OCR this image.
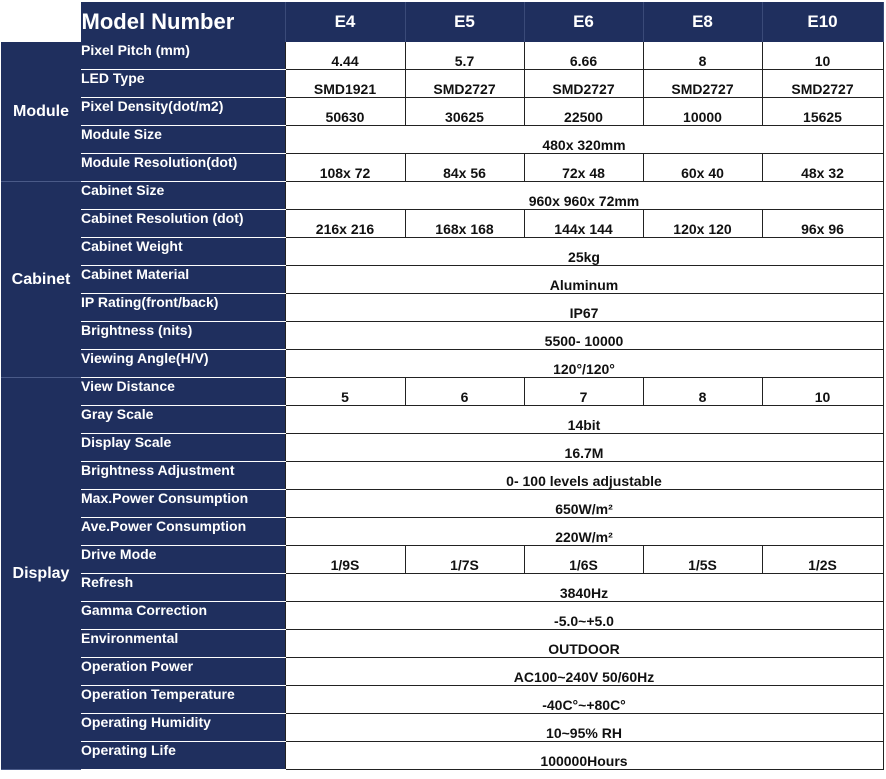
	Model Number	E4	E5	E6	E8	E10
Module	Pixel Pitch (mm)	4.44	5.7	6.66	8	10
	LED Type	SMD1921	SMD2727	SMD2727	SMD2727	SMD2727
	Pixel Density(dot/m2)	50630	30625	22500	10000	15625
	Module Size	480x 320mm				
	Module Resolution(dot)	108x 72	84x 56	72x 48	60x 40	48x 32
Cabinet	Cabinet Size	960x 960x 72mm				
	Cabinet Resolution (dot)	216x 216	168x 168	144x 144	120x 120	96x 96
	Cabinet Weight	25kg				
	Cabinet Material	Aluminum				
	IP Rating(front/back)	IP67				
	Brightness (nits)	5500- 10000				
	Viewing Angle(H/V)	120°/120°				
Display	View Distance	5	6	7	8	10
	Gray Scale	14bit				
	Display Scale	16.7M				
	Brightness Adjustment	0- 100 levels adjustable				
	Max.Power Consumption	650W/m²				
	Ave.Power Consumption	220W/m²				
	Drive Mode	1/9S	1/7S	1/6S	1/5S	1/2S
	Refresh	3840Hz				
	Gamma Correction	-5.0~+5.0				
	Environmental	OUTDOOR				
	Operation Power	AC100~240V 50/60Hz				
	Operation Temperature	-40C°~+80C°				
	Operating Humidity	10~95% RH				
	Operating Life	100000Hours				
